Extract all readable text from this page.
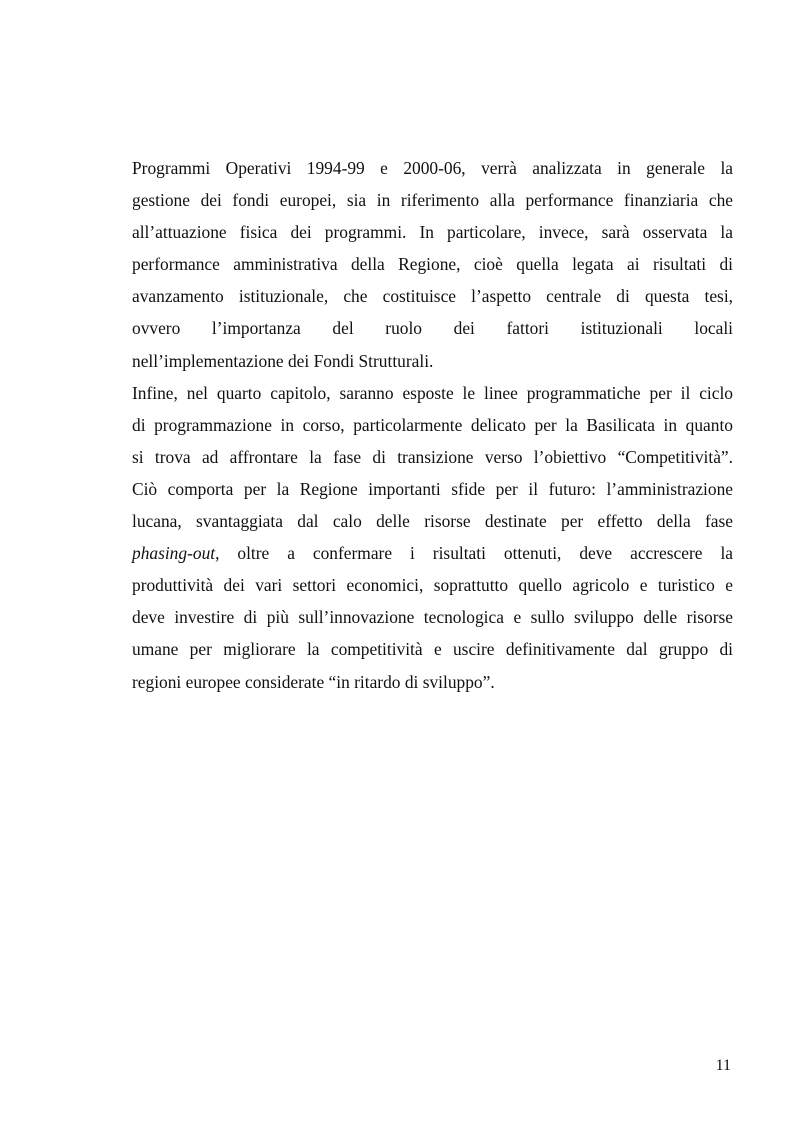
Programmi Operativi 1994-99 e 2000-06, verrà analizzata in generale la
gestione dei fondi europei, sia in riferimento alla performance finanziaria che
all’attuazione fisica dei programmi. In particolare, invece, sarà osservata la
performance amministrativa della Regione, cioè quella legata ai risultati di
avanzamento istituzionale, che costituisce l’aspetto centrale di questa tesi,
ovvero l’importanza del ruolo dei fattori istituzionali locali
nell’implementazione dei Fondi Strutturali.
Infine, nel quarto capitolo, saranno esposte le linee programmatiche per il ciclo
di programmazione in corso, particolarmente delicato per la Basilicata in quanto
si trova ad affrontare la fase di transizione verso l’obiettivo “Competitività”.
Ciò comporta per la Regione importanti sfide per il futuro: l’amministrazione
lucana, svantaggiata dal calo delle risorse destinate per effetto della fase
phasing-out, oltre a confermare i risultati ottenuti, deve accrescere la
produttività dei vari settori economici, soprattutto quello agricolo e turistico e
deve investire di più sull’innovazione tecnologica e sullo sviluppo delle risorse
umane per migliorare la competitività e uscire definitivamente dal gruppo di
regioni europee considerate “in ritardo di sviluppo”.
11
